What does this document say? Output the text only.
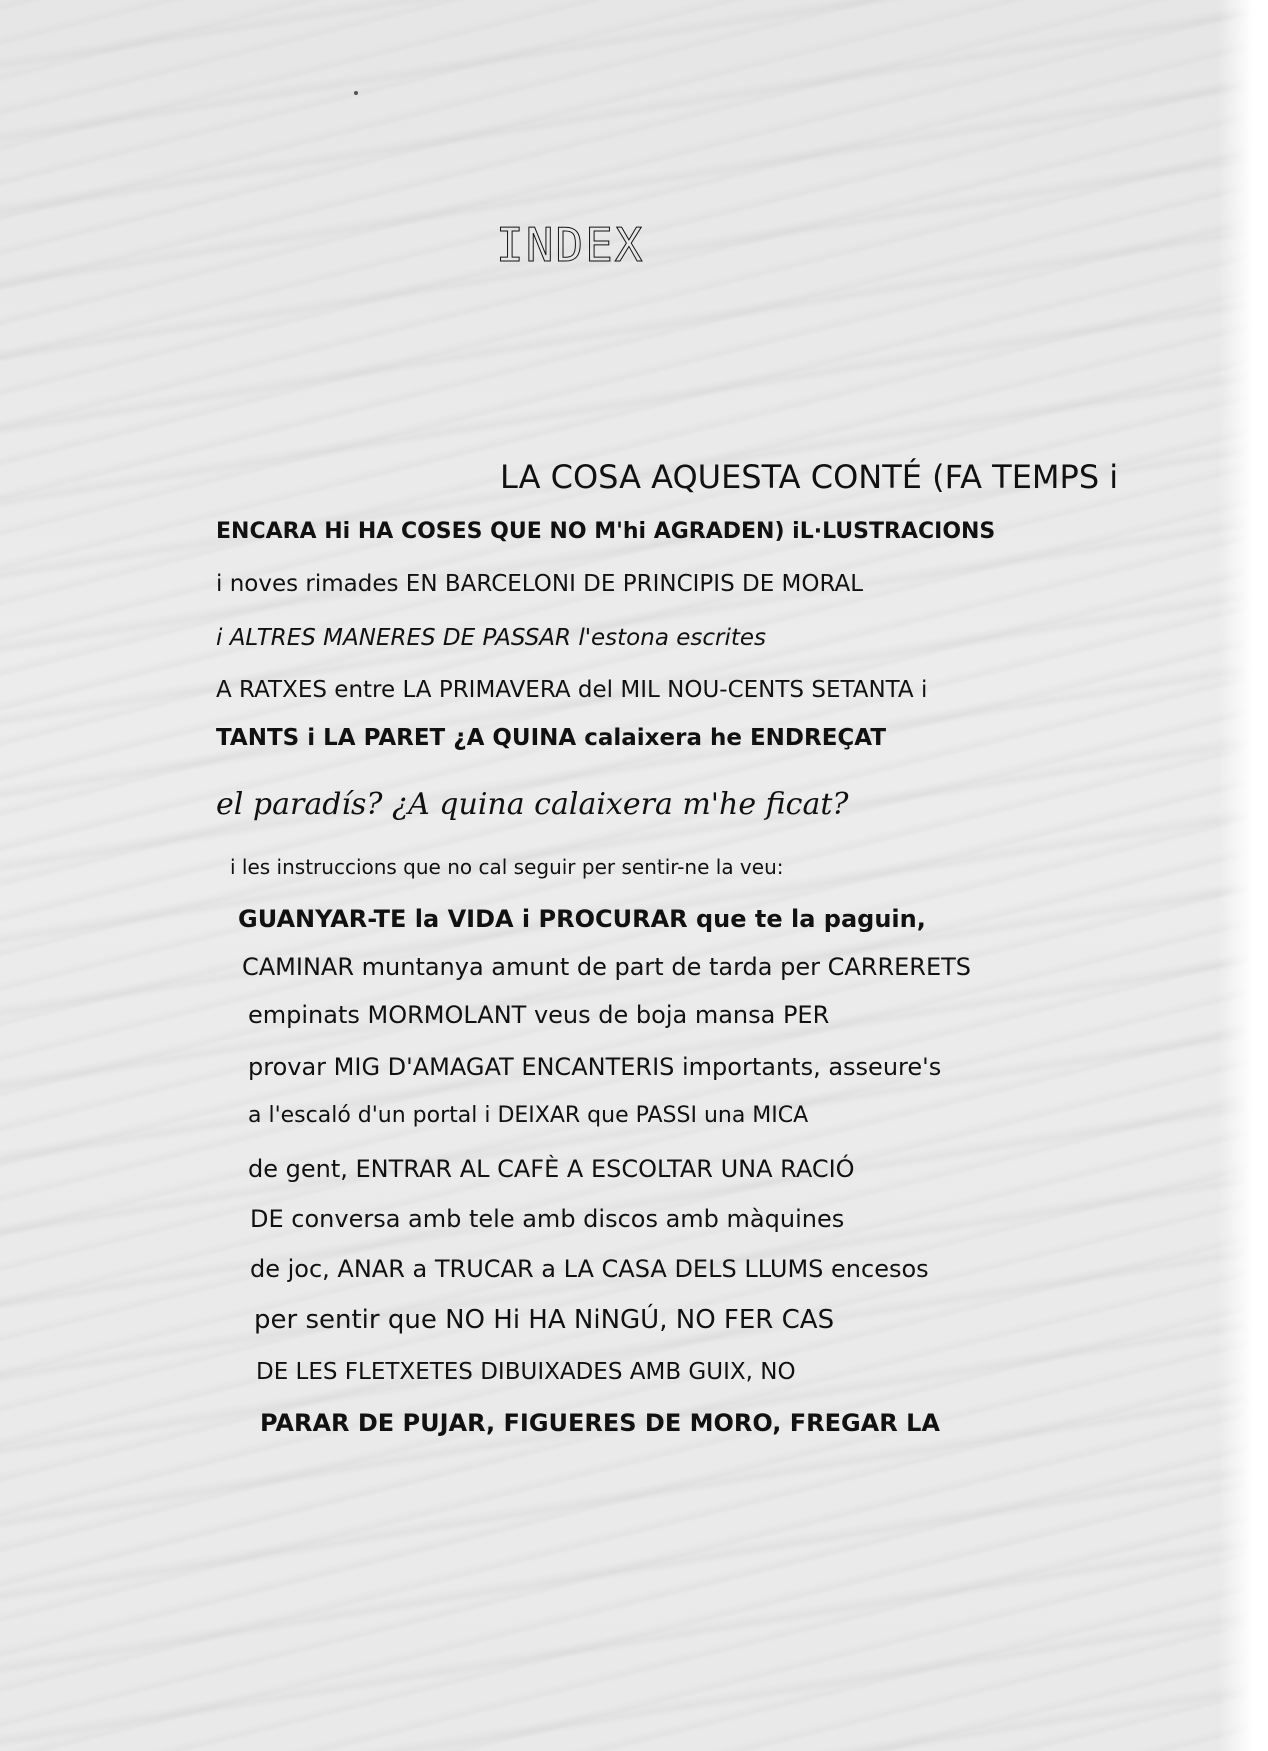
INDEX

LA COSA AQUESTA CONTÉ (FA TEMPS i

ENCARA Hi HA COSES QUE NO M'hi AGRADEN) iL·LUSTRACIONS

i noves rimades EN BARCELONI DE PRINCIPIS DE MORAL

i ALTRES MANERES DE PASSAR l'estona escrites

A RATXES entre LA PRIMAVERA del MIL NOU-CENTS SETANTA i

TANTS i LA PARET ¿A QUINA calaixera he ENDREÇAT

el paradís? ¿A quina calaixera m'he ficat?

i les instruccions que no cal seguir per sentir-ne la veu:

GUANYAR-TE la VIDA i PROCURAR que te la paguin,

CAMINAR muntanya amunt de part de tarda per CARRERETS

empinats MORMOLANT veus de boja mansa PER

provar MIG D'AMAGAT ENCANTERIS importants, asseure's

a l'escaló d'un portal i DEIXAR que PASSI una MICA

de gent, ENTRAR AL CAFÈ A ESCOLTAR UNA RACIÓ

DE conversa amb tele amb discos amb màquines

de joc, ANAR a TRUCAR a LA CASA DELS LLUMS encesos

per sentir que NO Hi HA NiNGÚ, NO FER CAS

DE LES FLETXETES DIBUIXADES AMB GUIX, NO

PARAR DE PUJAR, FIGUERES DE MORO, FREGAR LA
